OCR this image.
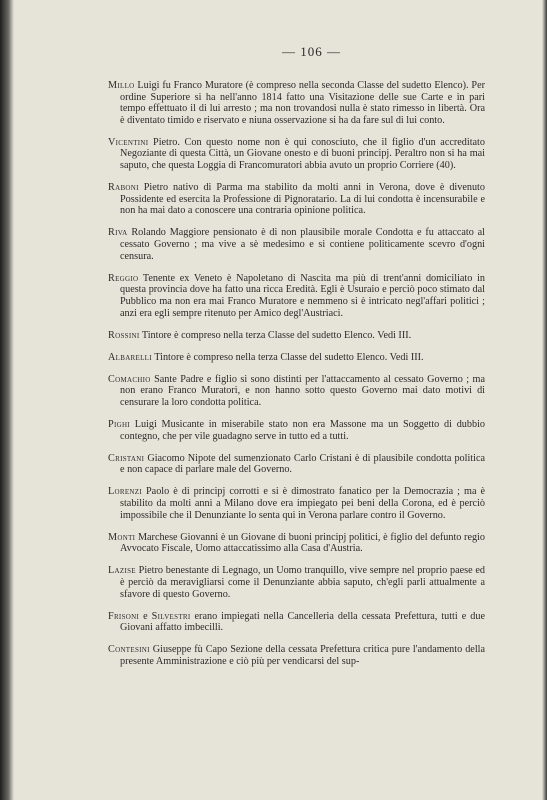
— 106 —

Millo Luigi fu Franco Muratore (è compreso nella seconda Classe del sudetto Elenco). Per ordine Superiore si ha nell'anno 1814 fatto una Visitazione delle sue Carte e in pari tempo effettuato il di lui arresto ; ma non trovandosi nulla è stato rimesso in libertà. Ora è diventato timido e riservato e niuna osservazione si ha da fare sul di lui conto.

Vicentini Pietro. Con questo nome non è qui conosciuto, che il figlio d'un accreditato Negoziante di questa Città, un Giovane onesto e di buoni principj. Peraltro non si ha mai saputo, che questa Loggia di Francomuratori abbia avuto un proprio Corriere (40).

Raboni Pietro nativo di Parma ma stabilito da molti anni in Verona, dove è divenuto Possidente ed esercita la Professione di Pignoratario. La di lui condotta è incensurabile e non ha mai dato a conoscere una contraria opinione politica.

Riva Rolando Maggiore pensionato è di non plausibile morale Condotta e fu attaccato al cessato Governo ; ma vive a sè medesimo e si contiene politicamente scevro d'ogni censura.

Reggio Tenente ex Veneto è Napoletano di Nascita ma più di trent'anni domiciliato in questa provincia dove ha fatto una ricca Eredità. Egli è Usuraio e perciò poco stimato dal Pubblico ma non era mai Franco Muratore e nemmeno si è intricato negl'affari politici ; anzi era egli sempre ritenuto per Amico degl'Austriaci.

Rossini Tintore è compreso nella terza Classe del sudetto Elenco. Vedi III.

Albarelli Tintore è compreso nella terza Classe del sudetto Elenco. Vedi III.

Comachio Sante Padre e figlio si sono distinti per l'attaccamento al cessato Governo ; ma non erano Franco Muratori, e non hanno sotto questo Governo mai dato motivi di censurare la loro condotta politica.

Pighi Luigi Musicante in miserabile stato non era Massone ma un Soggetto di dubbio contegno, che per vile guadagno serve in tutto ed a tutti.

Cristani Giacomo Nipote del sumenzionato Carlo Cristani è di plausibile condotta politica e non capace di parlare male del Governo.

Lorenzi Paolo è di principj corrotti e si è dimostrato fanatico per la Democrazia ; ma è stabilito da molti anni a Milano dove era impiegato pei beni della Corona, ed è perciò impossibile che il Denunziante lo senta qui in Verona parlare contro il Governo.

Monti Marchese Giovanni è un Giovane di buoni principj politici, è figlio del defunto regio Avvocato Fiscale, Uomo attaccatissimo alla Casa d'Austria.

Lazise Pietro benestante di Legnago, un Uomo tranquillo, vive sempre nel proprio paese ed è perciò da meravigliarsi come il Denunziante abbia saputo, ch'egli parli attualmente a sfavore di questo Governo.

Frisoni e Silvestri erano impiegati nella Cancelleria della cessata Prefettura, tutti e due Giovani affatto imbecilli.

Contesini Giuseppe fù Capo Sezione della cessata Prefettura critica pure l'andamento della presente Amministrazione e ciò più per vendicarsi del sup-
